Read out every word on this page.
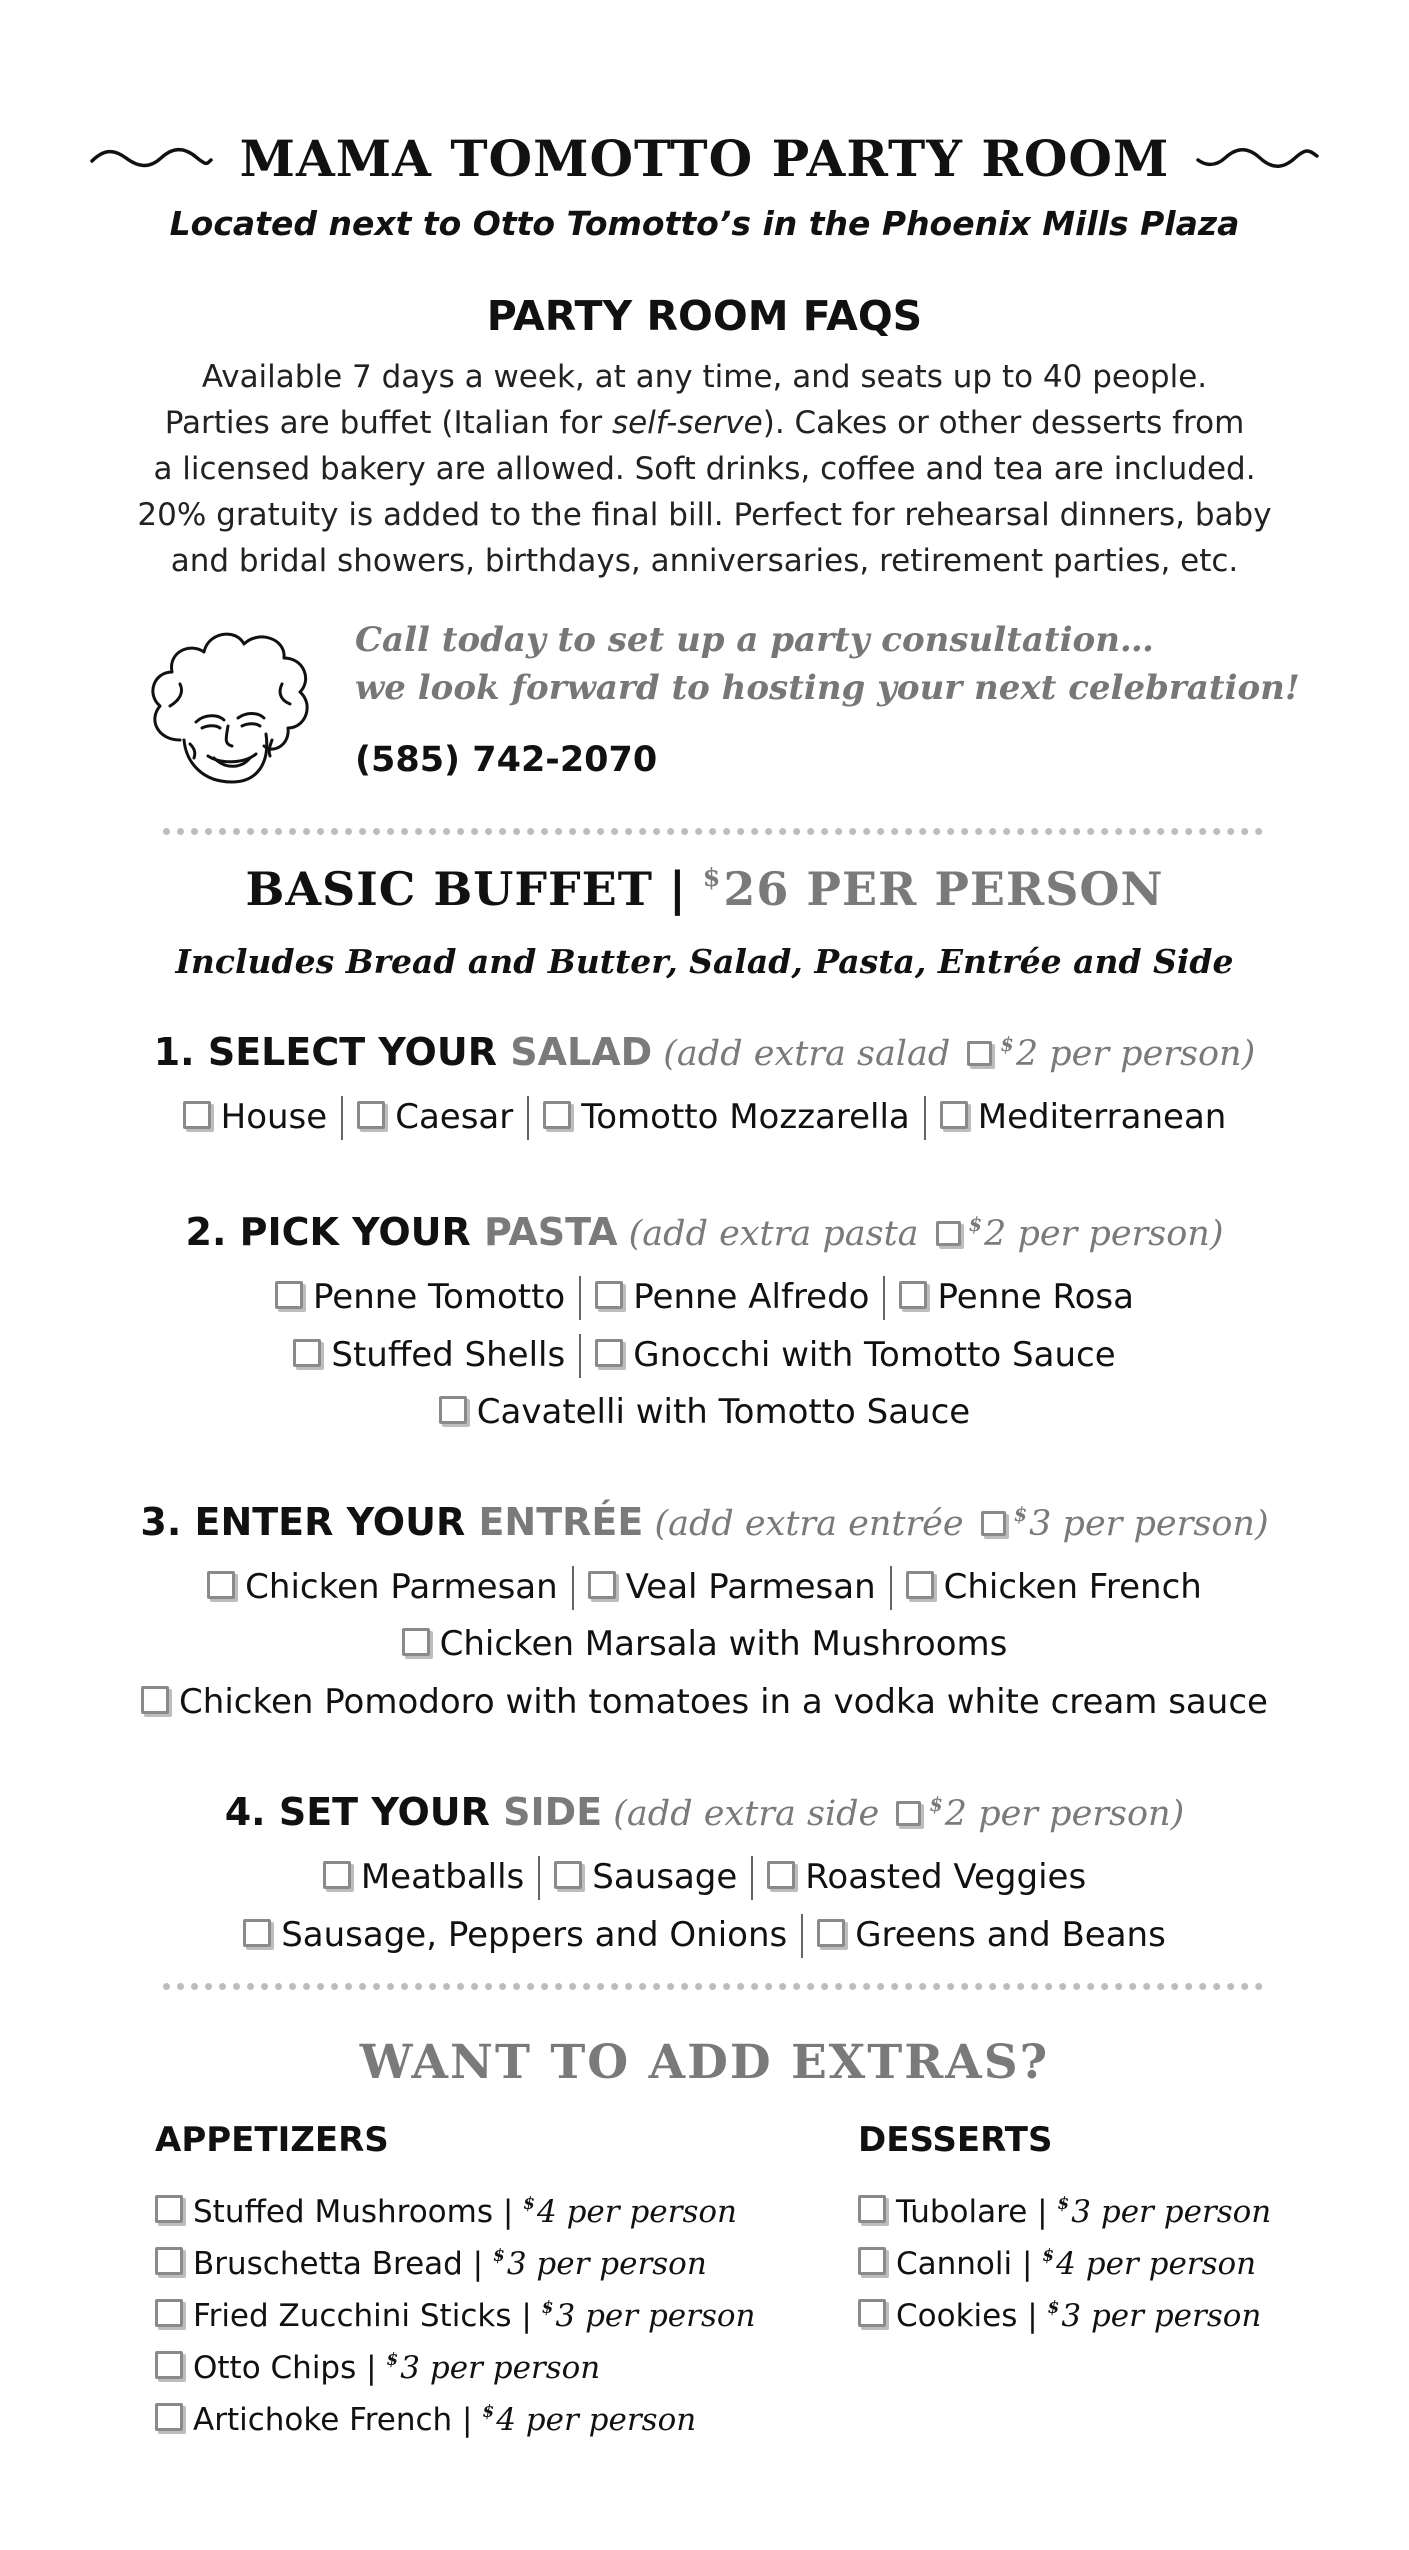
MAMA TOMOTTO PARTY ROOM
Located next to Otto Tomotto’s in the Phoenix Mills Plaza
PARTY ROOM FAQS
Available 7 days a week, at any time, and seats up to 40 people.
Parties are buffet (Italian for self-serve). Cakes or other desserts from
a licensed bakery are allowed. Soft drinks, coffee and tea are included.
20% gratuity is added to the final bill. Perfect for rehearsal dinners, baby
and bridal showers, birthdays, anniversaries, retirement parties, etc.
Call today to set up a party consultation…
we look forward to hosting your next celebration!
(585) 742-2070
BASIC BUFFET | $26 PER PERSON
Includes Bread and Butter, Salad, Pasta, Entrée and Side
1. SELECT YOUR SALAD (add extra salad $2 per person)
House Caesar Tomotto Mozzarella Mediterranean
2. PICK YOUR PASTA (add extra pasta $2 per person)
Penne Tomotto Penne Alfredo Penne Rosa
Stuffed Shells Gnocchi with Tomotto Sauce
Cavatelli with Tomotto Sauce
3. ENTER YOUR ENTRÉE (add extra entrée $3 per person)
Chicken Parmesan Veal Parmesan Chicken French
Chicken Marsala with Mushrooms
Chicken Pomodoro with tomatoes in a vodka white cream sauce
4. SET YOUR SIDE (add extra side $2 per person)
Meatballs Sausage Roasted Veggies
Sausage, Peppers and Onions Greens and Beans
WANT TO ADD EXTRAS?
APPETIZERS
Stuffed Mushrooms | $4 per person
Bruschetta Bread | $3 per person
Fried Zucchini Sticks | $3 per person
Otto Chips | $3 per person
Artichoke French | $4 per person
DESSERTS
Tubolare | $3 per person
Cannoli | $4 per person
Cookies | $3 per person
